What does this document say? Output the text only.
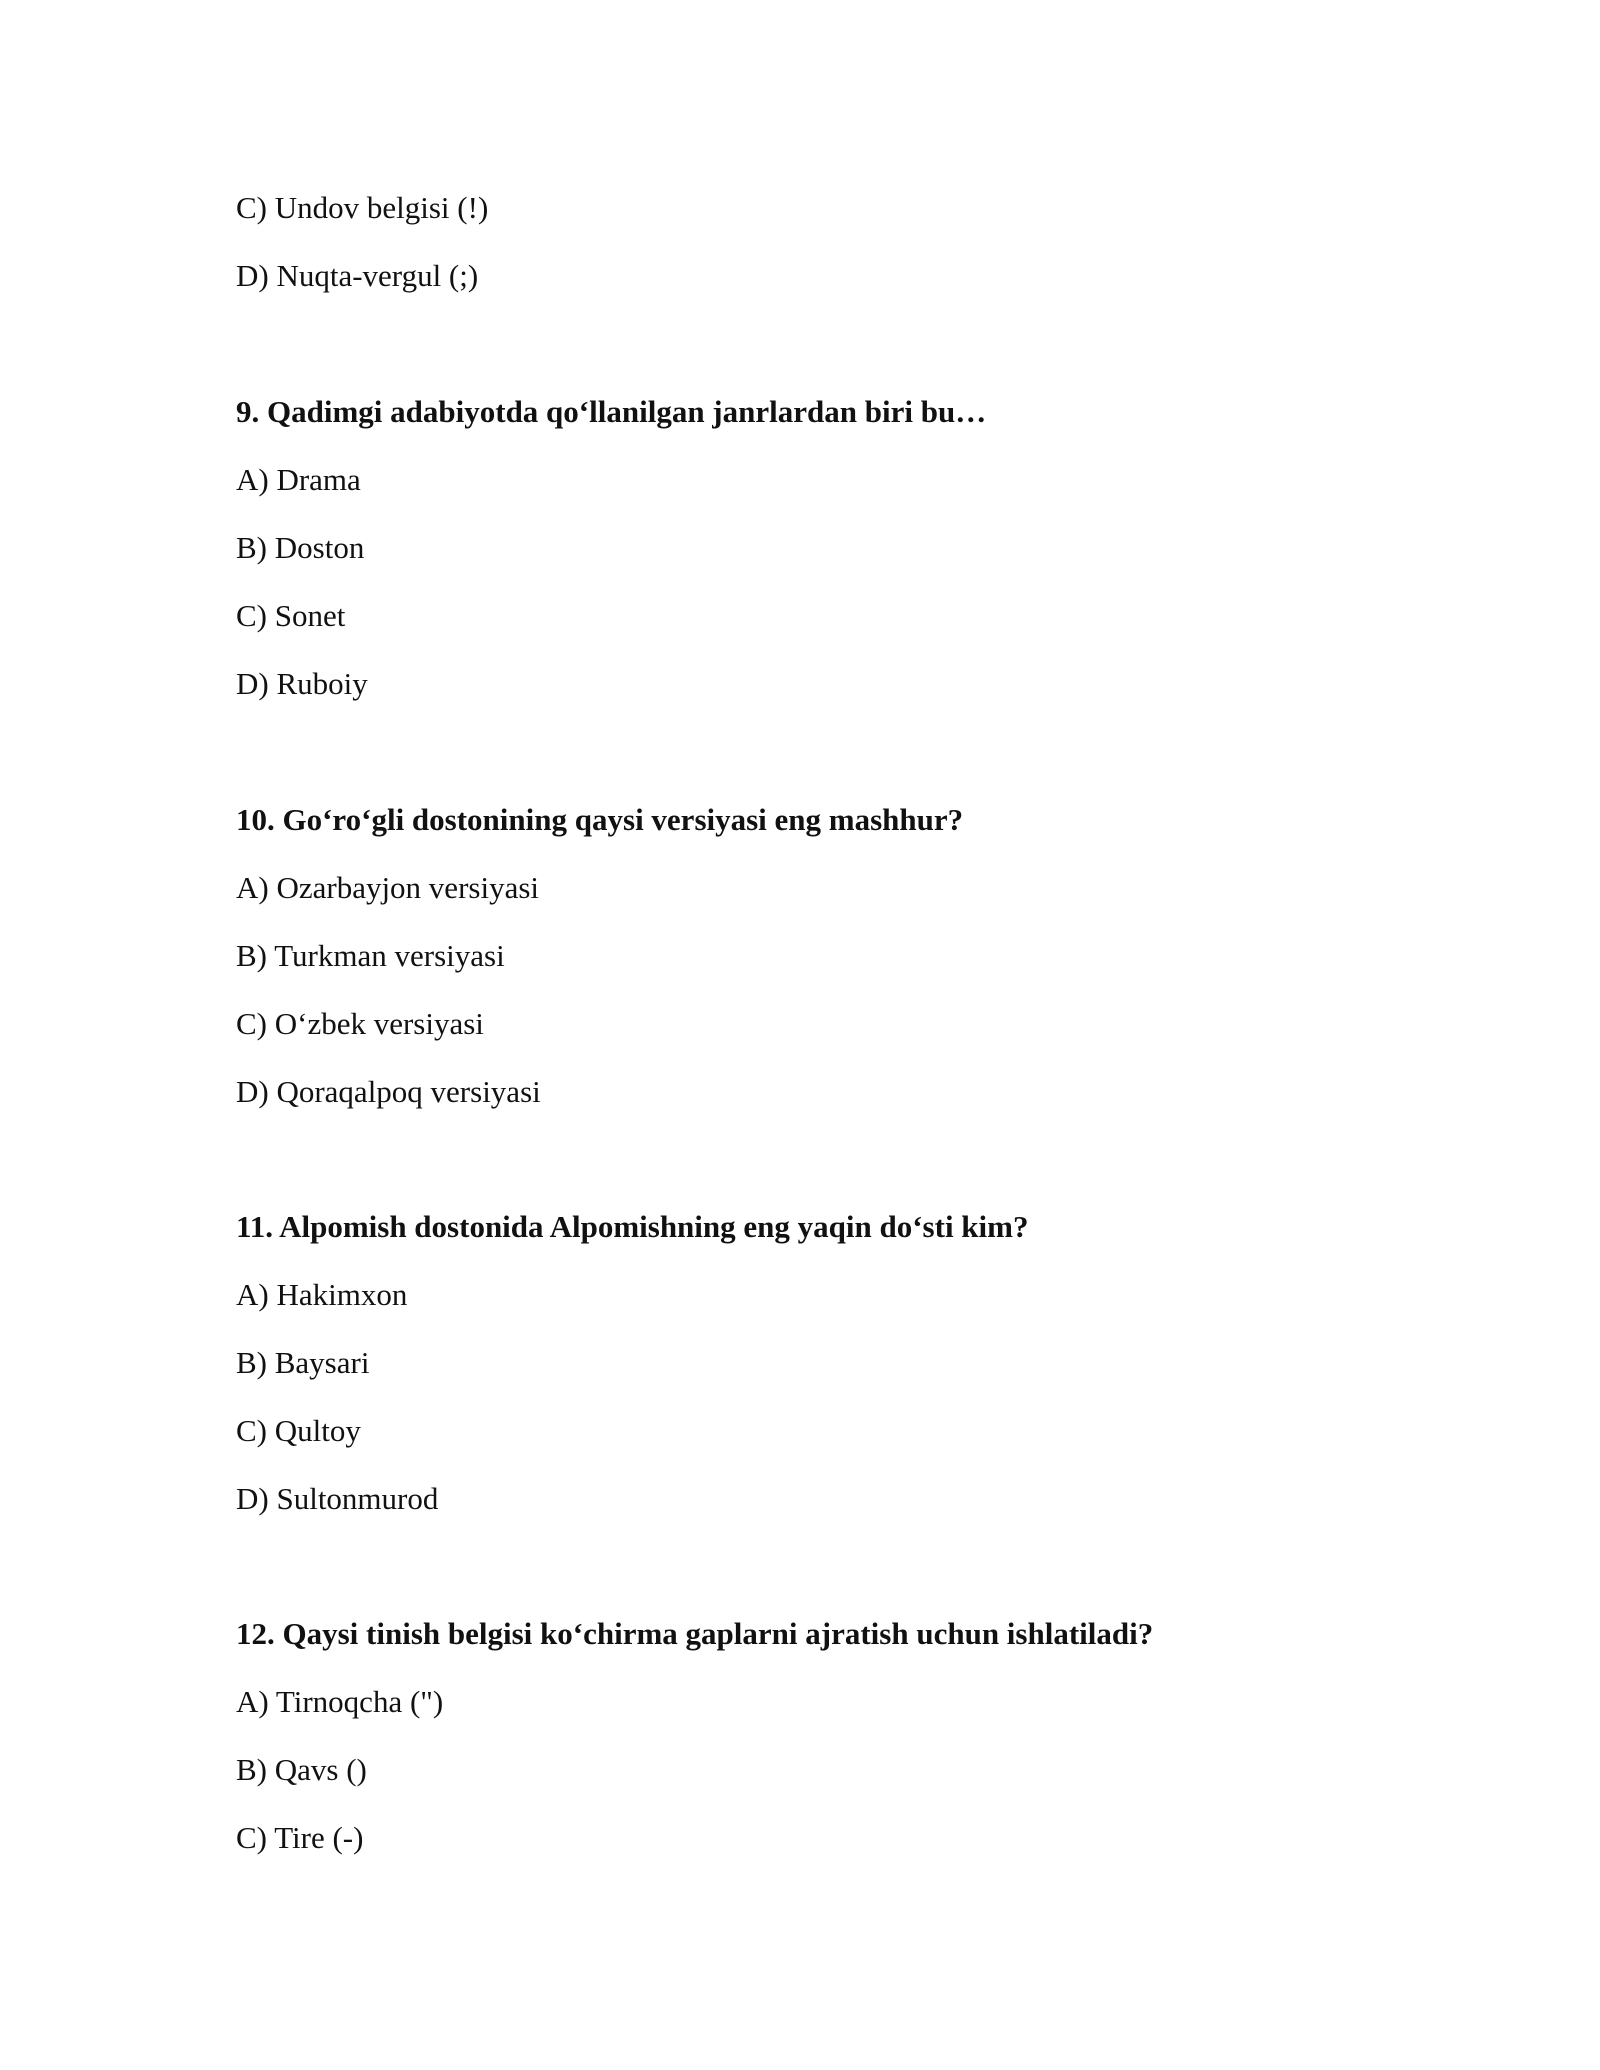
C) Undov belgisi (!)
D) Nuqta-vergul (;)
9. Qadimgi adabiyotda qo‘llanilgan janrlardan biri bu…
A) Drama
B) Doston
C) Sonet
D) Ruboiy
10. Go‘ro‘gli dostonining qaysi versiyasi eng mashhur?
A) Ozarbayjon versiyasi
B) Turkman versiyasi
C) O‘zbek versiyasi
D) Qoraqalpoq versiyasi
11. Alpomish dostonida Alpomishning eng yaqin do‘sti kim?
A) Hakimxon
B) Baysari
C) Qultoy
D) Sultonmurod
12. Qaysi tinish belgisi ko‘chirma gaplarni ajratish uchun ishlatiladi?
A) Tirnoqcha (")
B) Qavs ()
C) Tire (-)
